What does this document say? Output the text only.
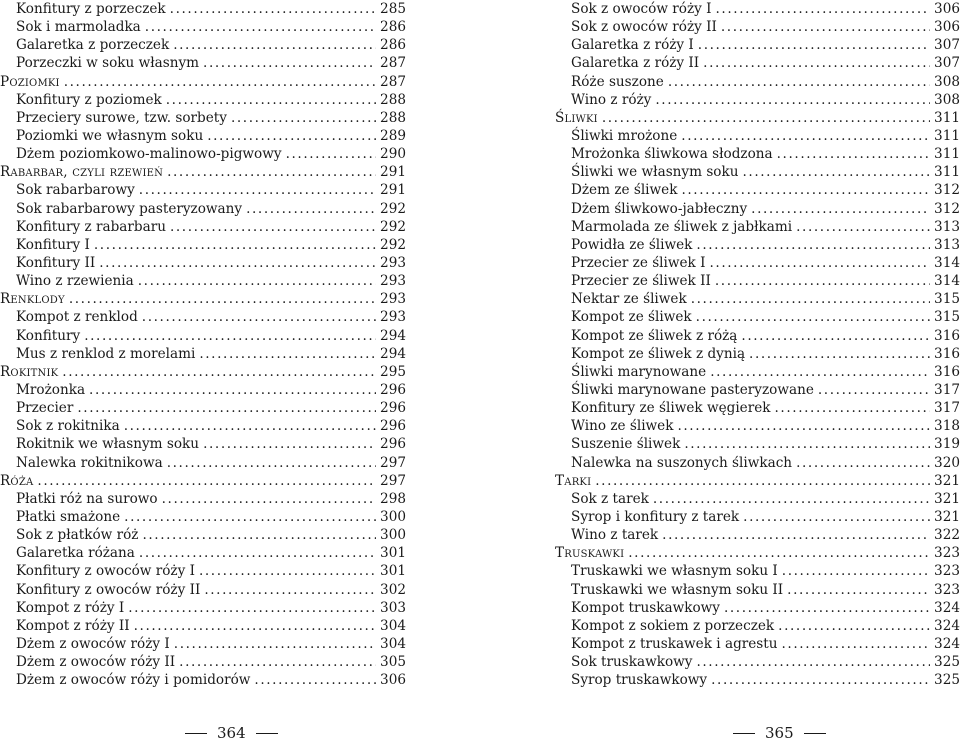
Konfitury z porzeczek .....	285
Sok i marmoladka .....	286
Galaretka z porzeczek .....	286
Porzeczki w soku własnym .....	287
Poziomki .....	287
Konfitury z poziomek .....	288
Przeciery surowe, tzw. sorbety .....	288
Poziomki we własnym soku .....	289
Dżem poziomkowo-malinowo-pigwowy .....	290
Rabarbar, czyli rzewień .....	291
Sok rabarbarowy .....	291
Sok rabarbarowy pasteryzowany .....	292
Konfitury z rabarbaru .....	292
Konfitury I .....	292
Konfitury II .....	293
Wino z rzewienia .....	293
Renklody .....	293
Kompot z renklod .....	293
Konfitury .....	294
Mus z renklod z morelami .....	294
Rokitnik .....	295
Mrożonka .....	296
Przecier .....	296
Sok z rokitnika .....	296
Rokitnik we własnym soku .....	296
Nalewka rokitnikowa .....	297
Róża .....	297
Płatki róż na surowo .....	298
Płatki smażone .....	300
Sok z płatków róż .....	300
Galaretka różana .....	301
Konfitury z owoców róży I .....	301
Konfitury z owoców róży II .....	302
Kompot z róży I .....	303
Kompot z róży II .....	304
Dżem z owoców róży I .....	304
Dżem z owoców róży II .....	305
Dżem z owoców róży i pomidorów .....	306
Sok z owoców róży I .....	306
Sok z owoców róży II .....	306
Galaretka z róży I .....	307
Galaretka z róży II .....	307
Róże suszone .....	308
Wino z róży .....	308
Śliwki .....	311
Śliwki mrożone .....	311
Mrożonka śliwkowa słodzona .....	311
Śliwki we własnym soku .....	311
Dżem ze śliwek .....	312
Dżem śliwkowo-jabłeczny .....	312
Marmolada ze śliwek z jabłkami .....	313
Powidła ze śliwek .....	313
Przecier ze śliwek I .....	314
Przecier ze śliwek II .....	314
Nektar ze śliwek .....	315
Kompot ze śliwek .....	315
Kompot ze śliwek z różą .....	316
Kompot ze śliwek z dynią .....	316
Śliwki marynowane .....	316
Śliwki marynowane pasteryzowane .....	317
Konfitury ze śliwek węgierek .....	317
Wino ze śliwek .....	318
Suszenie śliwek .....	319
Nalewka na suszonych śliwkach .....	320
Tarki .....	321
Sok z tarek .....	321
Syrop i konfitury z tarek .....	321
Wino z tarek .....	322
Truskawki .....	323
Truskawki we własnym soku I .....	323
Truskawki we własnym soku II .....	323
Kompot truskawkowy .....	324
Kompot z sokiem z porzeczek .....	324
Kompot z truskawek i agrestu .....	324
Sok truskawkowy .....	325
Syrop truskawkowy .....	325
364	365
